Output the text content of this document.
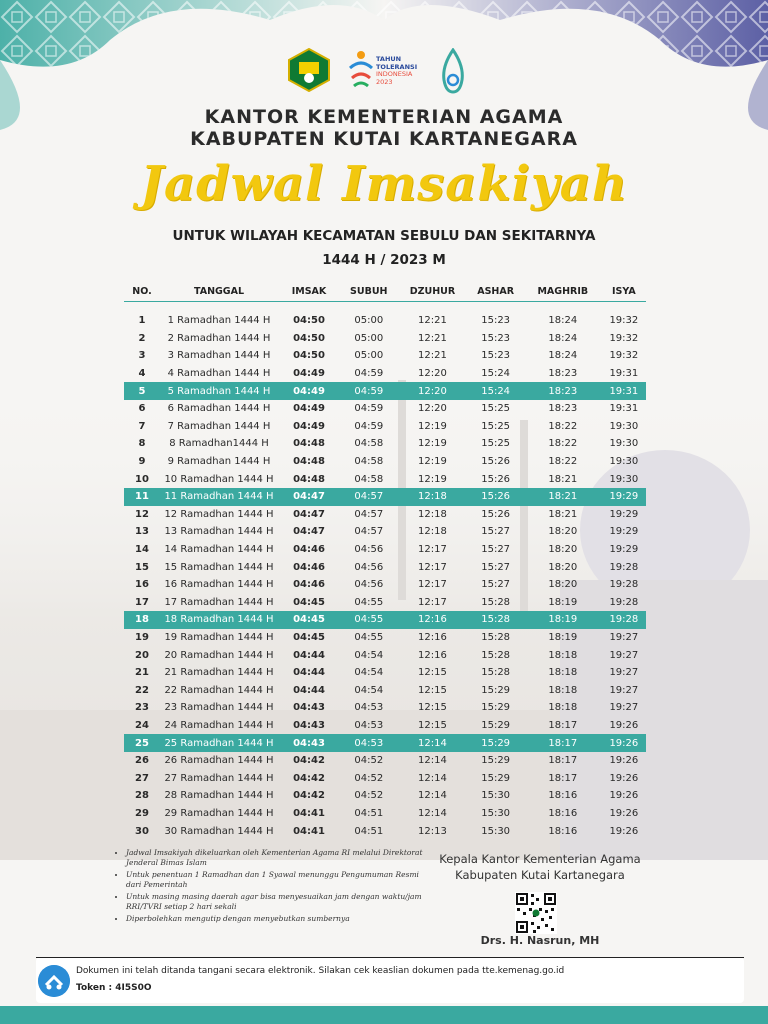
TAHUN
TOLERANSI
INDONESIA
2023
KANTOR KEMENTERIAN AGAMA
KABUPATEN KUTAI KARTANEGARA
Jadwal Imsakiyah
UNTUK WILAYAH KECAMATAN SEBULU DAN SEKITARNYA
1444 H / 2023 M
NO.	TANGGAL	IMSAK	SUBUH	DZUHUR	ASHAR	MAGHRIB	ISYA

1	1 Ramadhan 1444 H	04:50	05:00	12:21	15:23	18:24	19:32
2	2 Ramadhan 1444 H	04:50	05:00	12:21	15:23	18:24	19:32
3	3 Ramadhan 1444 H	04:50	05:00	12:21	15:23	18:24	19:32
4	4 Ramadhan 1444 H	04:49	04:59	12:20	15:24	18:23	19:31
5	5 Ramadhan 1444 H	04:49	04:59	12:20	15:24	18:23	19:31
6	6 Ramadhan 1444 H	04:49	04:59	12:20	15:25	18:23	19:31
7	7 Ramadhan 1444 H	04:49	04:59	12:19	15:25	18:22	19:30
8	8 Ramadhan1444 H	04:48	04:58	12:19	15:25	18:22	19:30
9	9 Ramadhan 1444 H	04:48	04:58	12:19	15:26	18:22	19:30
10	10 Ramadhan 1444 H	04:48	04:58	12:19	15:26	18:21	19:30
11	11 Ramadhan 1444 H	04:47	04:57	12:18	15:26	18:21	19:29
12	12 Ramadhan 1444 H	04:47	04:57	12:18	15:26	18:21	19:29
13	13 Ramadhan 1444 H	04:47	04:57	12:18	15:27	18:20	19:29
14	14 Ramadhan 1444 H	04:46	04:56	12:17	15:27	18:20	19:29
15	15 Ramadhan 1444 H	04:46	04:56	12:17	15:27	18:20	19:28
16	16 Ramadhan 1444 H	04:46	04:56	12:17	15:27	18:20	19:28
17	17 Ramadhan 1444 H	04:45	04:55	12:17	15:28	18:19	19:28
18	18 Ramadhan 1444 H	04:45	04:55	12:16	15:28	18:19	19:28
19	19 Ramadhan 1444 H	04:45	04:55	12:16	15:28	18:19	19:27
20	20 Ramadhan 1444 H	04:44	04:54	12:16	15:28	18:18	19:27
21	21 Ramadhan 1444 H	04:44	04:54	12:15	15:28	18:18	19:27
22	22 Ramadhan 1444 H	04:44	04:54	12:15	15:29	18:18	19:27
23	23 Ramadhan 1444 H	04:43	04:53	12:15	15:29	18:18	19:27
24	24 Ramadhan 1444 H	04:43	04:53	12:15	15:29	18:17	19:26
25	25 Ramadhan 1444 H	04:43	04:53	12:14	15:29	18:17	19:26
26	26 Ramadhan 1444 H	04:42	04:52	12:14	15:29	18:17	19:26
27	27 Ramadhan 1444 H	04:42	04:52	12:14	15:29	18:17	19:26
28	28 Ramadhan 1444 H	04:42	04:52	12:14	15:30	18:16	19:26
29	29 Ramadhan 1444 H	04:41	04:51	12:14	15:30	18:16	19:26
30	30 Ramadhan 1444 H	04:41	04:51	12:13	15:30	18:16	19:26
• Jadwal Imsakiyah dikeluarkan oleh Kementerian Agama RI melalui Direktorat Jenderal Bimas Islam
• Untuk penentuan 1 Ramadhan dan 1 Syawal menunggu Pengumuman Resmi dari Pemerintah
• Untuk masing masing daerah agar bisa menyesuaikan jam dengan waktu/jam RRI/TVRI setiap 2 hari sekali
• Diperbolehkan mengutip dengan menyebutkan sumbernya
Kepala Kantor Kementerian Agama
Kabupaten Kutai Kartanegara
Drs. H. Nasrun, MH
Dokumen ini telah ditanda tangani secara elektronik. Silakan cek keaslian dokumen pada tte.kemenag.go.id
Token : 4I5S0O
